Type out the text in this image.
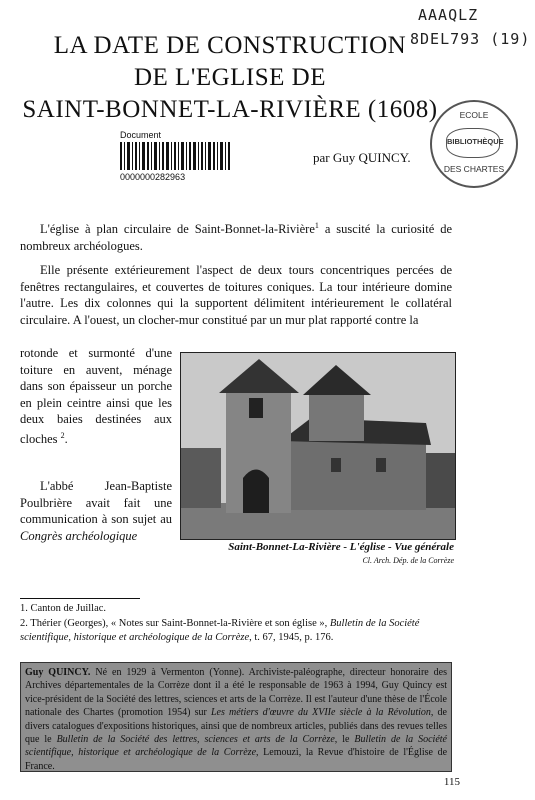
AAAQLZ
8DEL793 (19)
LA DATE DE CONSTRUCTION
DE L'EGLISE DE
SAINT-BONNET-LA-RIVIÈRE (1608)
Document
0000000282963
ECOLE
BIBLIOTHÈQUE
DES CHARTES
par Guy QUINCY.

L'église à plan circulaire de Saint-Bonnet-la-Rivière$^1$ a suscité la curiosité de nombreux archéologues.

Elle présente extérieurement l'aspect de deux tours concentriques percées de fenêtres rectangulaires, et couvertes de toitures coniques. La tour intérieure domine l'autre. Les dix colonnes qui la supportent délimitent intérieurement le collatéral circulaire. A l'ouest, un clocher-mur constitué par un mur plat rapporté contre la

rotonde et surmonté d'une toiture en auvent, ménage dans son épaisseur un porche en plein ceintre ainsi que les deux baies destinées aux cloches $^2$.

L'abbé Jean-Baptiste Poulbrière avait fait une communication à son sujet au Congrès archéologique

Saint-Bonnet-La-Rivière - L'église - Vue générale
Cl. Arch. Dép. de la Corrèze

1. Canton de Juillac.

2. Thérier (Georges), « Notes sur Saint-Bonnet-la-Rivière et son église », Bulletin de la Société scientifique, historique et archéologique de la Corrèze, t. 67, 1945, p. 176.

Guy QUINCY. Né en 1929 à Vermenton (Yonne). Archiviste-paléographe, directeur honoraire des Archives départementales de la Corrèze dont il a été le responsable de 1963 à 1994, Guy Quincy est vice-président de la Société des lettres, sciences et arts de la Corrèze. Il est l'auteur d'une thèse de l'École nationale des Chartes (promotion 1954) sur Les métiers d'œuvre du XVIIe siècle à la Révolution, de divers catalogues d'expositions historiques, ainsi que de nombreux articles, publiés dans des revues telles que le Bulletin de la Société des lettres, sciences et arts de la Corrèze, le Bulletin de la Société scientifique, historique et archéologique de la Corrèze, Lemouzi, la Revue d'histoire de l'Église de France.
115
